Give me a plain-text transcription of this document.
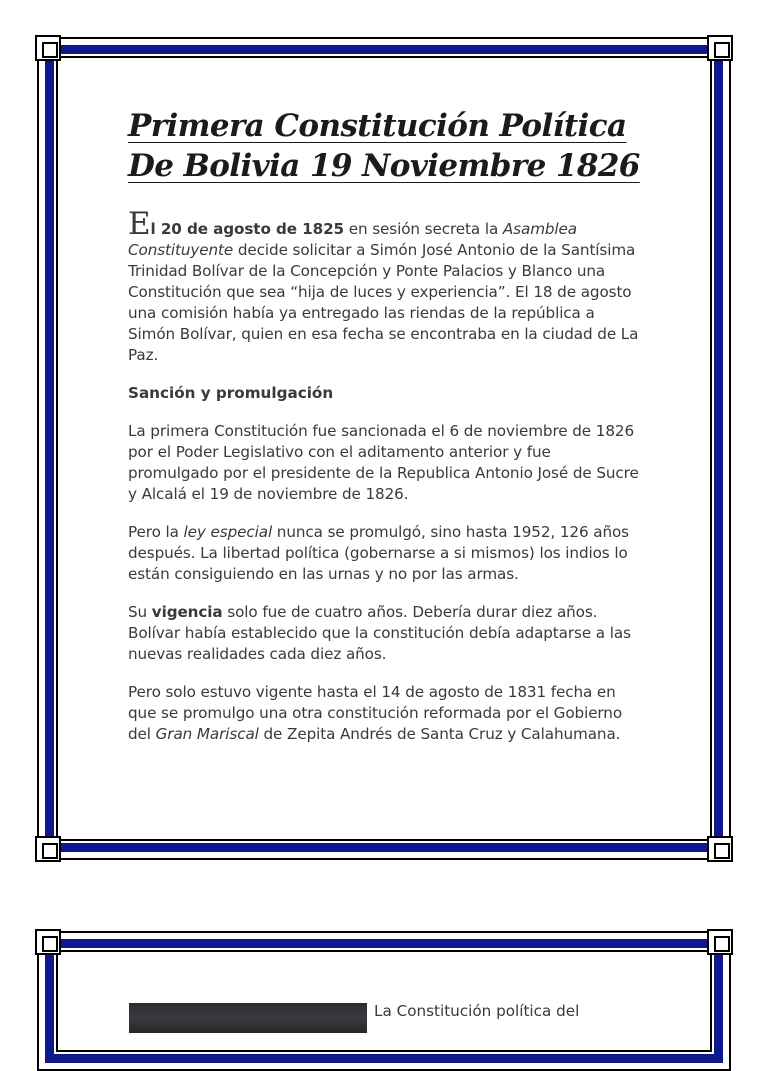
Primera Constitución Política
De Bolivia 19 Noviembre 1826

El 20 de agosto de 1825 en sesión secreta la Asamblea Constituyente decide solicitar a Simón José Antonio de la Santísima Trinidad Bolívar de la Concepción y Ponte Palacios y Blanco una Constitución que sea “hija de luces y experiencia”. El 18 de agosto una comisión había ya entregado las riendas de la república a Simón Bolívar, quien en esa fecha se encontraba en la ciudad de La Paz.

Sanción y promulgación

La primera Constitución fue sancionada el 6 de noviembre de 1826 por el Poder Legislativo con el aditamento anterior y fue promulgado por el presidente de la Republica Antonio José de Sucre y Alcalá el 19 de noviembre de 1826.

Pero la ley especial nunca se promulgó, sino hasta 1952, 126 años después. La libertad política (gobernarse a si mismos) los indios lo están consiguiendo en las urnas y no por las armas.

Su vigencia solo fue de cuatro años. Debería durar diez años. Bolívar había establecido que la constitución debía adaptarse a las nuevas realidades cada diez años.

Pero solo estuvo vigente hasta el 14 de agosto de 1831 fecha en que se promulgo una otra constitución reformada por el Gobierno del Gran Mariscal de Zepita Andrés de Santa Cruz y Calahumana.

La Constitución política del
